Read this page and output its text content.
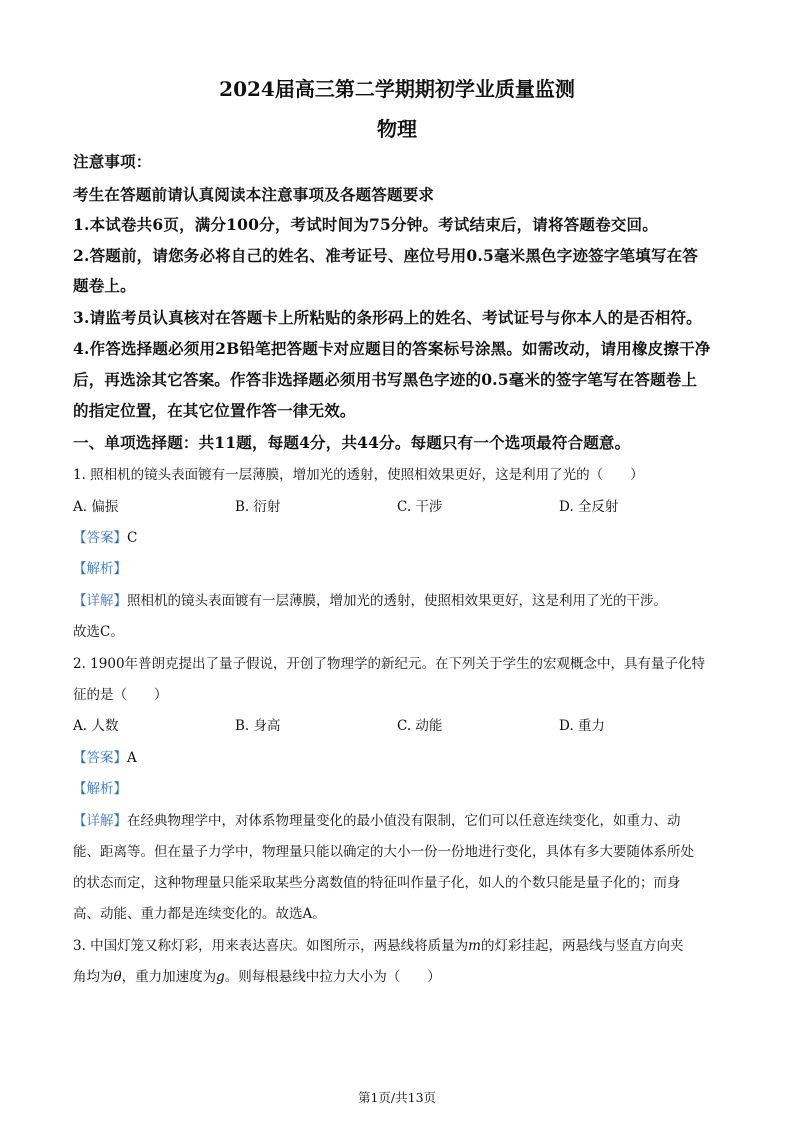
2024届高三第二学期期初学业质量监测

物理

注意事项：

考生在答题前请认真阅读本注意事项及各题答题要求

1.本试卷共6页，满分100分，考试时间为75分钟。考试结束后，请将答题卷交回。

2.答题前，请您务必将自己的姓名、准考证号、座位号用0.5毫米黑色字迹签字笔填写在答

题卷上。

3.请监考员认真核对在答题卡上所粘贴的条形码上的姓名、考试证号与你本人的是否相符。

4.作答选择题必须用2B铅笔把答题卡对应题目的答案标号涂黑。如需改动，请用橡皮擦干净

后，再选涂其它答案。作答非选择题必须用书写黑色字迹的0.5毫米的签字笔写在答题卷上

的指定位置，在其它位置作答一律无效。

一、单项选择题：共11题，每题4分，共44分。每题只有一个选项最符合题意。

1. 照相机的镜头表面镀有一层薄膜，增加光的透射，使照相效果更好，这是利用了光的（　　）

A. 偏振	B. 衍射	C. 干涉	D. 全反射

【答案】C

【解析】

【详解】照相机的镜头表面镀有一层薄膜，增加光的透射，使照相效果更好，这是利用了光的干涉。

故选C。

2. 1900年普朗克提出了量子假说，开创了物理学的新纪元。在下列关于学生的宏观概念中，具有量子化特

征的是（　　）

A. 人数	B. 身高	C. 动能	D. 重力

【答案】A

【解析】

【详解】在经典物理学中，对体系物理量变化的最小值没有限制，它们可以任意连续变化，如重力、动

能、距离等。但在量子力学中，物理量只能以确定的大小一份一份地进行变化，具体有多大要随体系所处

的状态而定，这种物理量只能采取某些分离数值的特征叫作量子化，如人的个数只能是量子化的；而身

高、动能、重力都是连续变化的。故选A。

3. 中国灯笼又称灯彩，用来表达喜庆。如图所示，两悬线将质量为m的灯彩挂起，两悬线与竖直方向夹

角均为θ，重力加速度为g。则每根悬线中拉力大小为（　　）

第1页/共13页
